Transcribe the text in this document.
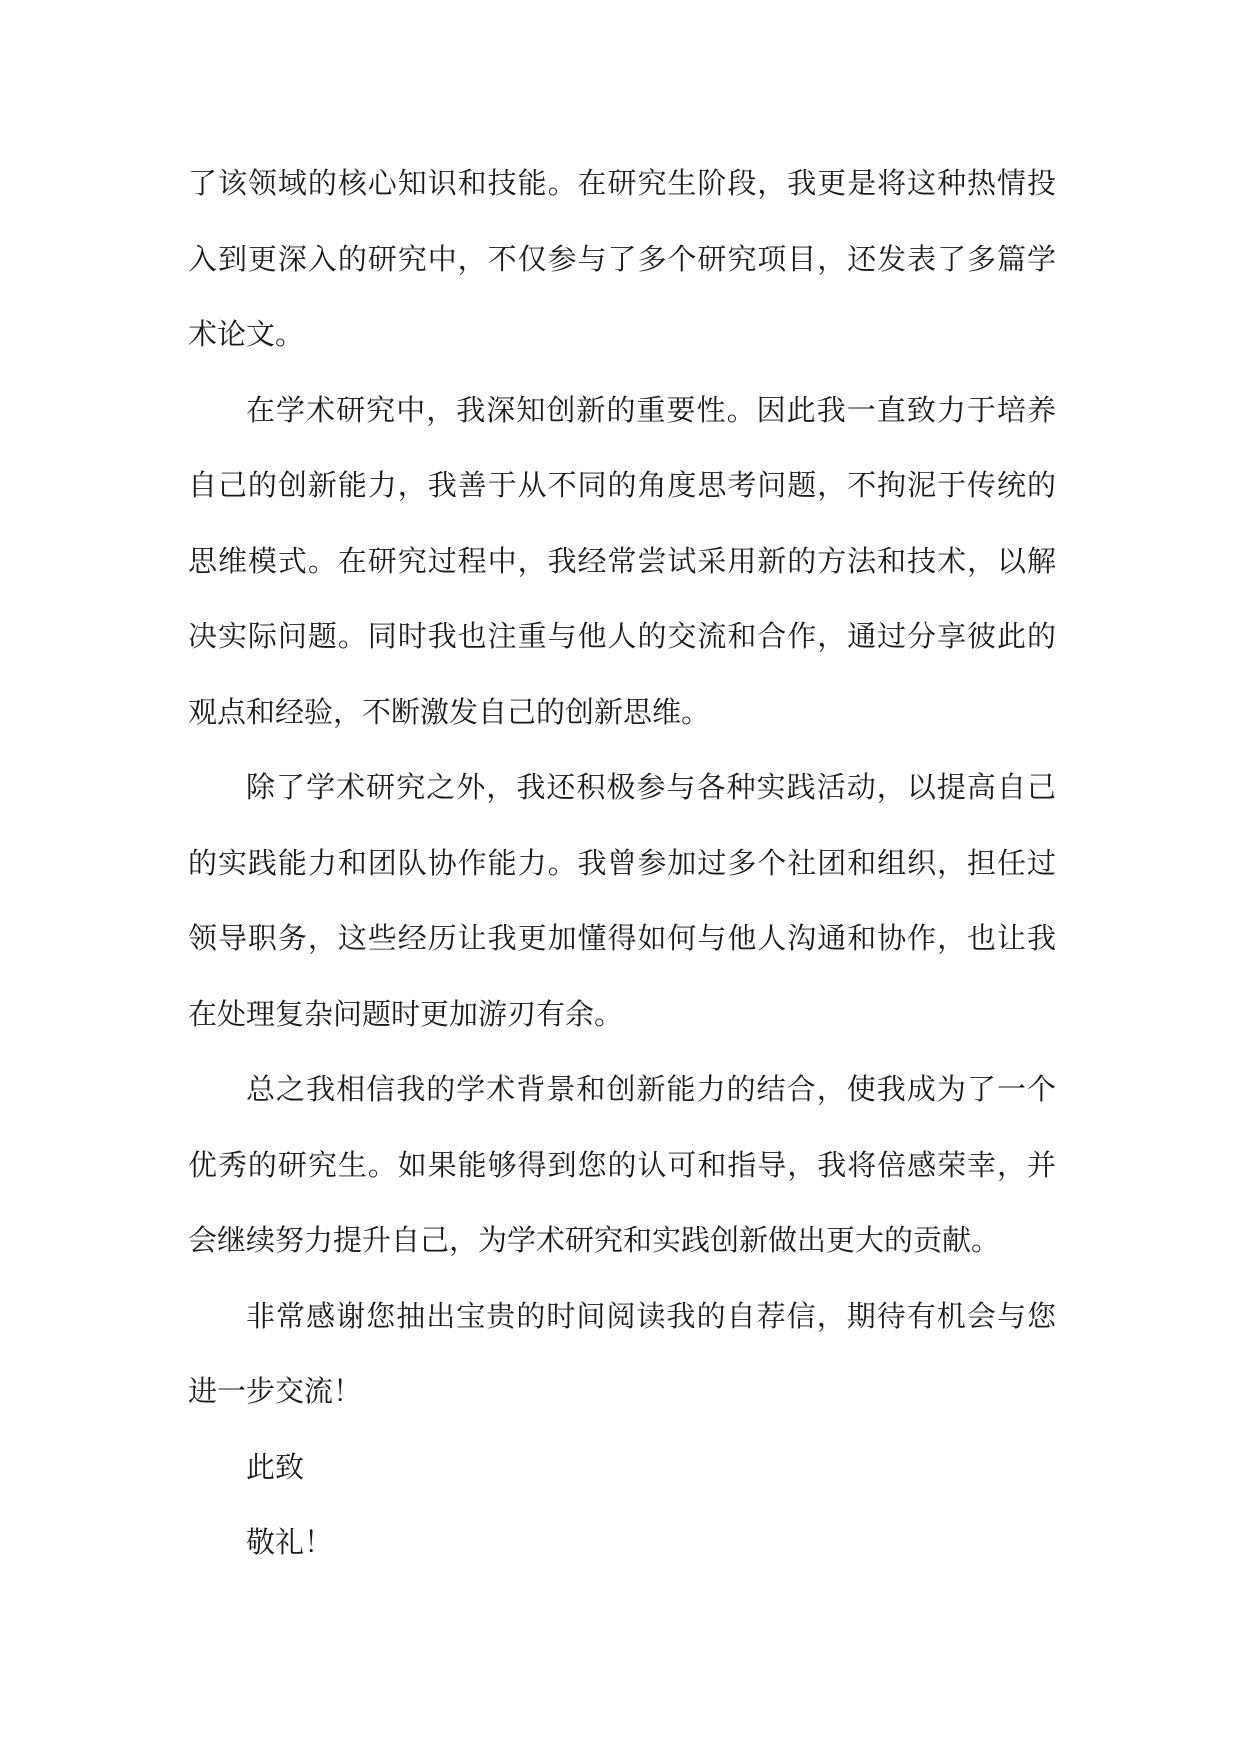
了该领域的核心知识和技能。在研究生阶段，我更是将这种热情投入到更深入的研究中，不仅参与了多个研究项目，还发表了多篇学术论文。

在学术研究中，我深知创新的重要性。因此我一直致力于培养自己的创新能力，我善于从不同的角度思考问题，不拘泥于传统的思维模式。在研究过程中，我经常尝试采用新的方法和技术，以解决实际问题。同时我也注重与他人的交流和合作，通过分享彼此的观点和经验，不断激发自己的创新思维。

除了学术研究之外，我还积极参与各种实践活动，以提高自己的实践能力和团队协作能力。我曾参加过多个社团和组织，担任过领导职务，这些经历让我更加懂得如何与他人沟通和协作，也让我在处理复杂问题时更加游刃有余。

总之我相信我的学术背景和创新能力的结合，使我成为了一个优秀的研究生。如果能够得到您的认可和指导，我将倍感荣幸，并会继续努力提升自己，为学术研究和实践创新做出更大的贡献。

非常感谢您抽出宝贵的时间阅读我的自荐信，期待有机会与您进一步交流！

此致

敬礼！
